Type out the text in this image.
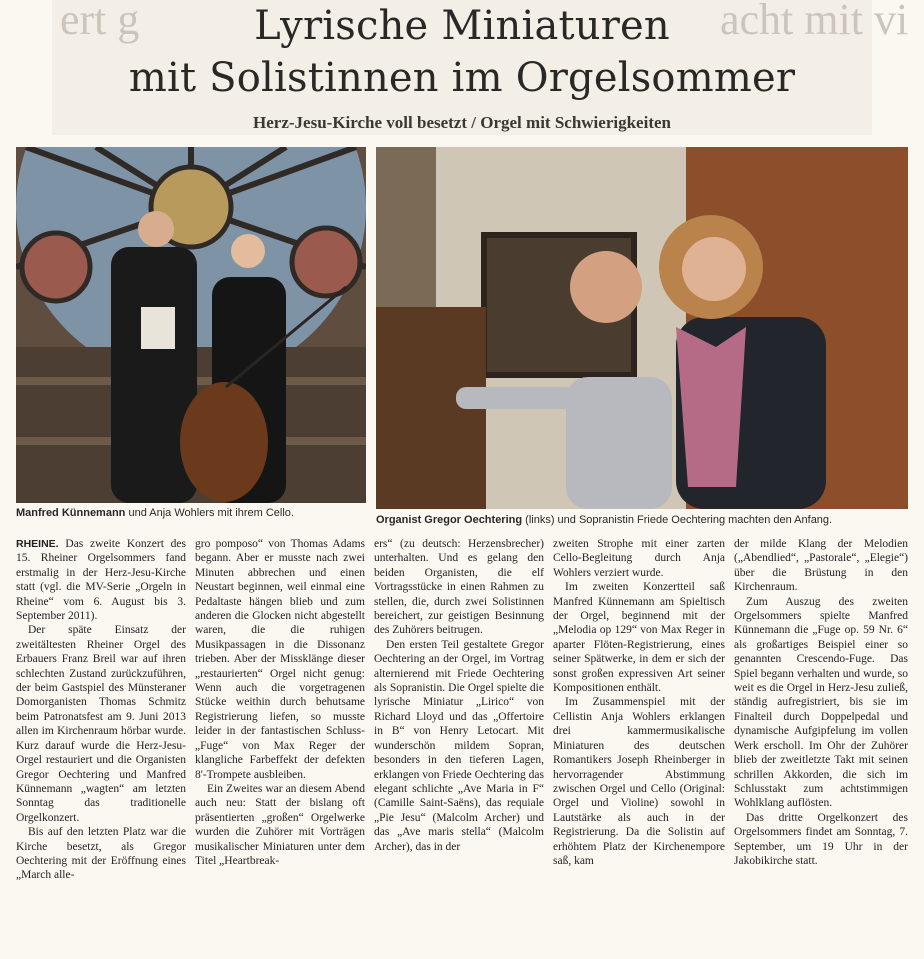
ert g	acht mit vi
Lyrische Miniaturen
mit Solistinnen im Orgelsommer
Herz-Jesu-Kirche voll besetzt / Orgel mit Schwierigkeiten
Manfred Künnemann und Anja Wohlers mit ihrem Cello.
Organist Gregor Oechtering (links) und Sopranistin Friede Oechtering machten den Anfang.

RHEINE. Das zweite Konzert des 15. Rheiner Orgelsommers fand erstmalig in der Herz-Jesu-Kirche statt (vgl. die MV-Serie „Orgeln in Rheine“ vom 6. August bis 3. September 2011).

Der späte Einsatz der zweitältesten Rheiner Orgel des Erbauers Franz Breil war auf ihren schlechten Zustand zurückzuführen, der beim Gastspiel des Münsteraner Domorganisten Thomas Schmitz beim Patronatsfest am 9. Juni 2013 allen im Kirchenraum hörbar wurde. Kurz darauf wurde die Herz-Jesu-Orgel restauriert und die Organisten Gregor Oechtering und Manfred Künnemann „wagten“ am letzten Sonntag das traditionelle Orgelkonzert.

Bis auf den letzten Platz war die Kirche besetzt, als Gregor Oechtering mit der Eröffnung eines „March alle-

gro pomposo“ von Thomas Adams begann. Aber er musste nach zwei Minuten abbrechen und einen Neustart beginnen, weil einmal eine Pedaltaste hängen blieb und zum anderen die Glocken nicht abgestellt waren, die die ruhigen Musikpassagen in die Dissonanz trieben. Aber der Missklänge dieser „restaurierten“ Orgel nicht genug: Wenn auch die vorgetragenen Stücke weithin durch behutsame Registrierung liefen, so musste leider in der fantastischen Schluss-„Fuge“ von Max Reger der klangliche Farbeffekt der defekten 8'-Trompete ausbleiben.

Ein Zweites war an diesem Abend auch neu: Statt der bislang oft präsentierten „großen“ Orgelwerke wurden die Zuhörer mit Vorträgen musikalischer Miniaturen unter dem Titel „Heartbreak-

ers“ (zu deutsch: Herzensbrecher) unterhalten. Und es gelang den beiden Organisten, die elf Vortragsstücke in einen Rahmen zu stellen, die, durch zwei Solistinnen bereichert, zur geistigen Besinnung des Zuhörers beitrugen.

Den ersten Teil gestaltete Gregor Oechtering an der Orgel, im Vortrag alternierend mit Friede Oechtering als Sopranistin. Die Orgel spielte die lyrische Miniatur „Lirico“ von Richard Lloyd und das „Offertoire in B“ von Henry Letocart. Mit wunderschön mildem Sopran, besonders in den tieferen Lagen, erklangen von Friede Oechtering das elegant schlichte „Ave Maria in F“ (Camille Saint-Saëns), das requiale „Pie Jesu“ (Malcolm Archer) und das „Ave maris stella“ (Malcolm Archer), das in der

zweiten Strophe mit einer zarten Cello-Begleitung durch Anja Wohlers verziert wurde.

Im zweiten Konzertteil saß Manfred Künnemann am Spieltisch der Orgel, beginnend mit der „Melodia op 129“ von Max Reger in aparter Flöten-Registrierung, eines seiner Spätwerke, in dem er sich der sonst großen expressiven Art seiner Kompositionen enthält.

Im Zusammenspiel mit der Cellistin Anja Wohlers erklangen drei kammermusikalische Miniaturen des deutschen Romantikers Joseph Rheinberger in hervorragender Abstimmung zwischen Orgel und Cello (Original: Orgel und Violine) sowohl in Lautstärke als auch in der Registrierung. Da die Solistin auf erhöhtem Platz der Kirchenempore saß, kam

der milde Klang der Melodien („Abendlied“, „Pastorale“, „Elegie“) über die Brüstung in den Kirchenraum.

Zum Auszug des zweiten Orgelsommers spielte Manfred Künnemann die „Fuge op. 59 Nr. 6“ als großartiges Beispiel einer so genannten Crescendo-Fuge. Das Spiel begann verhalten und wurde, so weit es die Orgel in Herz-Jesu zuließ, ständig aufregistriert, bis sie im Finalteil durch Doppelpedal und dynamische Aufgipfelung im vollen Werk erscholl. Im Ohr der Zuhörer blieb der zweitletzte Takt mit seinen schrillen Akkorden, die sich im Schlusstakt zum achtstimmigen Wohlklang auflösten.

Das dritte Orgelkonzert des Orgelsommers findet am Sonntag, 7. September, um 19 Uhr in der Jakobikirche statt.
